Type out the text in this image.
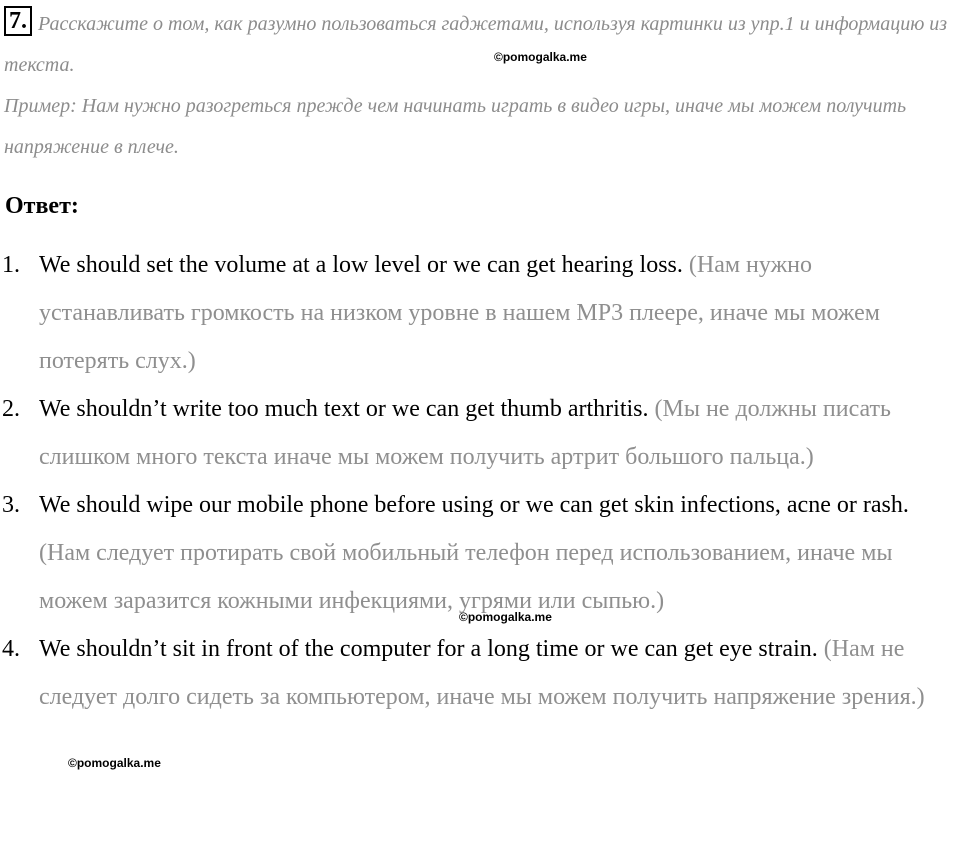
7. Расскажите о том, как разумно пользоваться гаджетами, используя картинки из упр.1 и информацию из текста.

Пример: Нам нужно разогреться прежде чем начинать играть в видео игры, иначе мы можем получить напряжение в плече.

©pomogalka.me
©pomogalka.me
©pomogalka.me

Ответ:

1. We should set the volume at a low level or we can get hearing loss. (Нам нужно устанавливать громкость на низком уровне в нашем MP3 плеере, иначе мы можем потерять слух.)
2. We shouldn’t write too much text or we can get thumb arthritis. (Мы не должны писать слишком много текста иначе мы можем получить артрит большого пальца.)
3. We should wipe our mobile phone before using or we can get skin infections, acne or rash. (Нам следует протирать свой мобильный телефон перед использованием, иначе мы можем заразится кожными инфекциями, угрями или сыпью.)
4. We shouldn’t sit in front of the computer for a long time or we can get eye strain. (Нам не следует долго сидеть за компьютером, иначе мы можем получить напряжение зрения.)
